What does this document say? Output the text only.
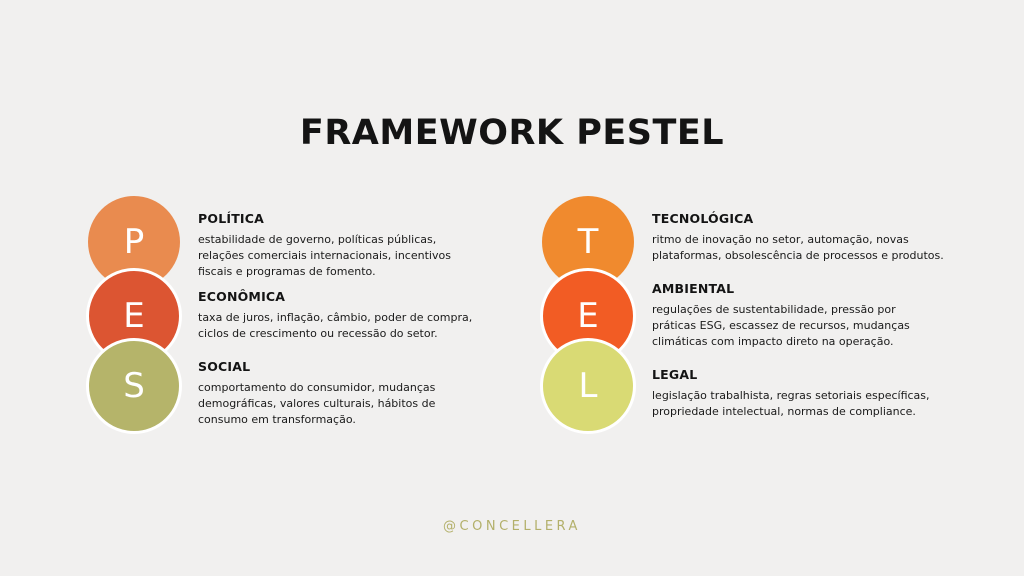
FRAMEWORK PESTEL
P
E
S
POLÍTICA

estabilidade de governo, políticas públicas, relações comerciais internacionais, incentivos fiscais e programas de fomento.

ECONÔMICA

taxa de juros, inflação, câmbio, poder de compra, ciclos de crescimento ou recessão do setor.

SOCIAL

comportamento do consumidor, mudanças demográficas, valores culturais, hábitos de consumo em transformação.

T
E
L
TECNOLÓGICA

ritmo de inovação no setor, automação, novas plataformas, obsolescência de processos e produtos.

AMBIENTAL

regulações de sustentabilidade, pressão por práticas ESG, escassez de recursos, mudanças climáticas com impacto direto na operação.

LEGAL

legislação trabalhista, regras setoriais específicas, propriedade intelectual, normas de compliance.

@CONCELLERA
